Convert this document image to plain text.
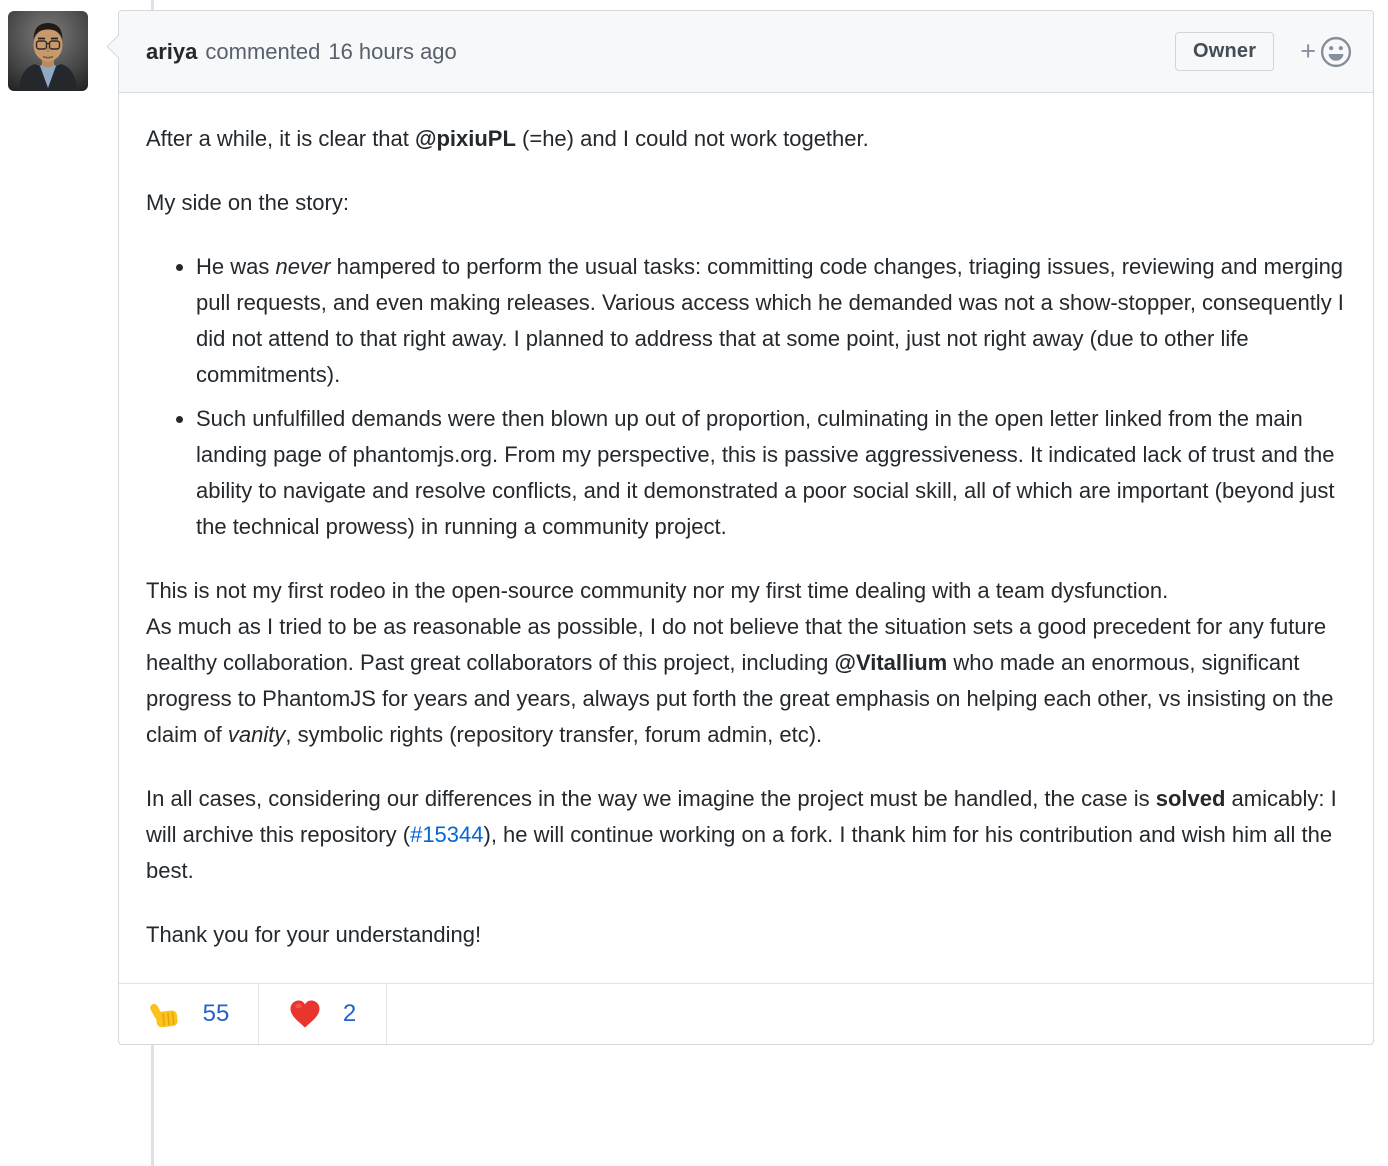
ariya commented 16 hours ago	Owner	+

After a while, it is clear that @pixiuPL (=he) and I could not work together.

My side on the story:

• He was never hampered to perform the usual tasks: committing code changes, triaging issues, reviewing and merging pull requests, and even making releases. Various access which he demanded was not a show-stopper, consequently I did not attend to that right away. I planned to address that at some point, just not right away (due to other life commitments).
• Such unfulfilled demands were then blown up out of proportion, culminating in the open letter linked from the main landing page of phantomjs.org. From my perspective, this is passive aggressiveness. It indicated lack of trust and the ability to navigate and resolve conflicts, and it demonstrated a poor social skill, all of which are important (beyond just the technical prowess) in running a community project.

This is not my first rodeo in the open-source community nor my first time dealing with a team dysfunction.
As much as I tried to be as reasonable as possible, I do not believe that the situation sets a good precedent for any future healthy collaboration. Past great collaborators of this project, including @Vitallium who made an enormous, significant progress to PhantomJS for years and years, always put forth the great emphasis on helping each other, vs insisting on the claim of vanity, symbolic rights (repository transfer, forum admin, etc).

In all cases, considering our differences in the way we imagine the project must be handled, the case is solved amicably: I will archive this repository (#15344), he will continue working on a fork. I thank him for his contribution and wish him all the best.

Thank you for your understanding!

55	2
